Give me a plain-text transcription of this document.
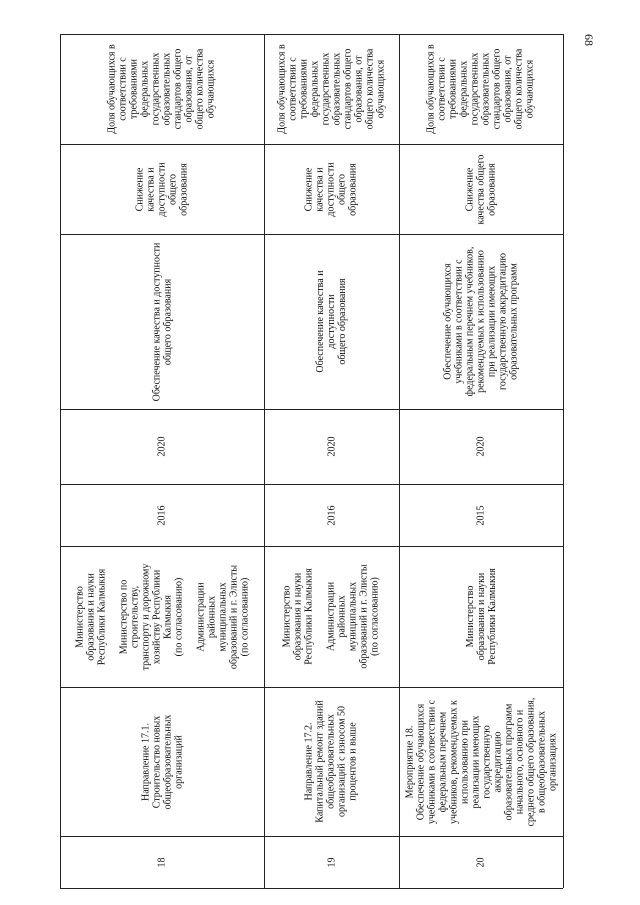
68
Доля обучающихся в
соответствии с
требованиями
федеральных
государственных
образовательных
стандартов общего
образования, от
общего количества
обучающихся
Снижение
качества и
доступности
общего
образования
Обеспечение качества и доступности
общего образования
2020
2016
Министерство
образования и науки
Республики Калмыкия

Министерство по
строительству,
транспорту и дорожному
хозяйству Республики
Калмыкия
(по согласованию)

Администрации
районных
муниципальных
образований и г. Элисты
(по согласованию)
Направление 17.1.
Строительство новых
общеобразовательных
организаций
18
Доля обучающихся в
соответствии с
требованиями
федеральных
государственных
образовательных
стандартов общего
образования, от
общего количества
обучающихся
Снижение
качества и
доступности
общего
образования
Обеспечение качества и доступности
общего образования
2020
2016
Министерство
образования и науки
Республики Калмыкия

Администрации
районных
муниципальных
образований и г. Элисты
(по согласованию)
Направление 17.2.
Капитальный ремонт зданий
общеобразовательных
организаций с износом 50
процентов и выше
19
Доля обучающихся в
соответствии с
требованиями
федеральных
государственных
образовательных
стандартов общего
образования, от
общего количества
обучающихся
Снижение
качества общего
образования
Обеспечение обучающихся
учебниками в соответствии с
федеральным перечнем учебников,
рекомендуемых к использованию
при реализации имеющих
государственную аккредитацию
образовательных программ
2020
2015
Министерство
образования и науки
Республики Калмыкия
Мероприятие 18.
Обеспечение обучающихся
учебниками в соответствии с
федеральным перечнем
учебников, рекомендуемых к
использованию при
реализации имеющих
государственную
аккредитацию
образовательных программ
начального, основного и
среднего общего образования,
в общеобразовательных
организациях
20
